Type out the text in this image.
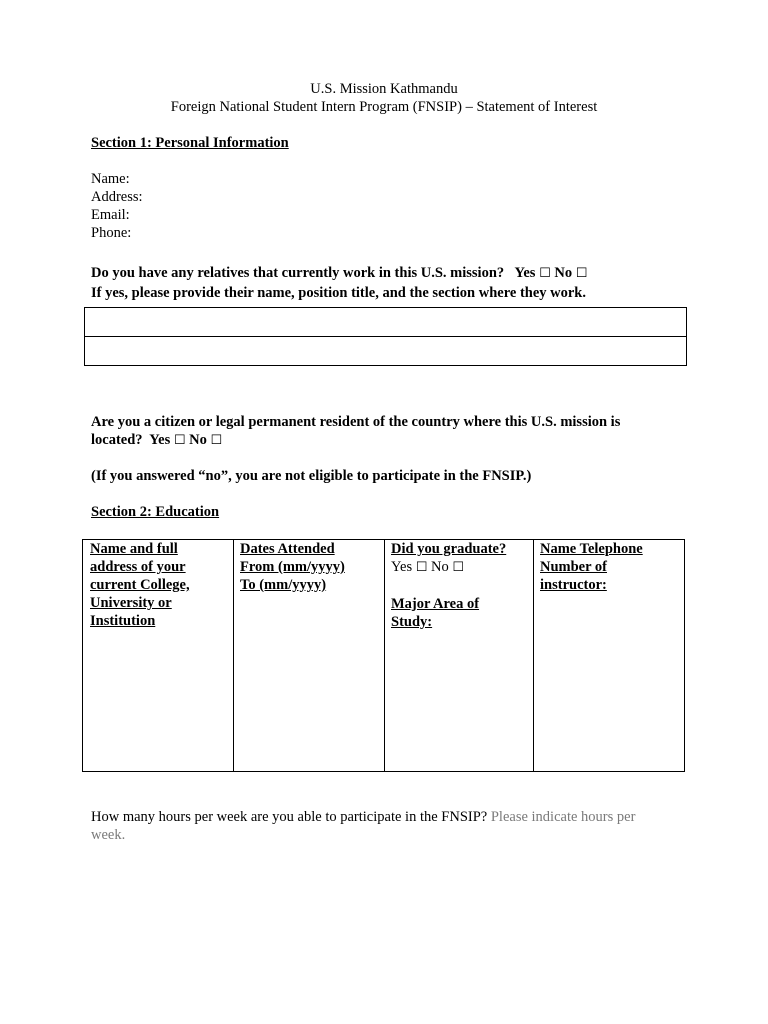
U.S. Mission Kathmandu
Foreign National Student Intern Program (FNSIP) – Statement of Interest
Section 1: Personal Information
Name:
Address:
Email:
Phone:
Do you have any relatives that currently work in this U.S. mission? Yes ☐ No ☐
If yes, please provide their name, position title, and the section where they work.
Are you a citizen or legal permanent resident of the country where this U.S. mission is
located? Yes ☐ No ☐
(If you answered “no”, you are not eligible to participate in the FNSIP.)
Section 2: Education
Name and full
address of your
current College,
University or
Institution
Dates Attended
From (mm/yyyy)
To (mm/yyyy)
Did you graduate?
Yes ☐ No ☐
Major Area of
Study:
Name Telephone
Number of
instructor:
How many hours per week are you able to participate in the FNSIP? Please indicate hours per
week.
